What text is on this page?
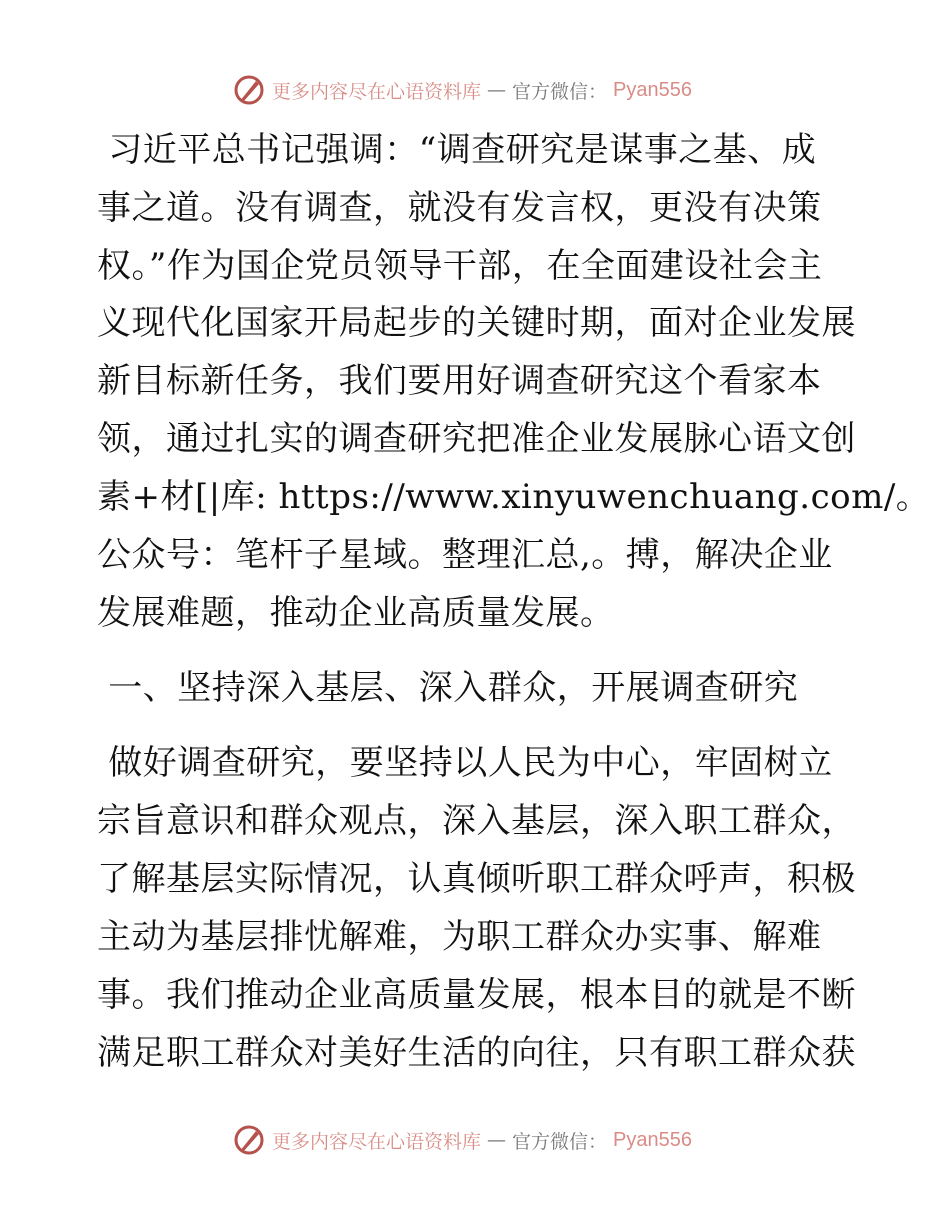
更多内容尽在心语资料库 — 官方微信： Pyan556
习近平总书记强调：“调查研究是谋事之基、成
事之道。没有调查，就没有发言权，更没有决策
权。”作为国企党员领导干部，在全面建设社会主
义现代化国家开局起步的关键时期，面对企业发展
新目标新任务，我们要用好调查研究这个看家本
领，通过扎实的调查研究把准企业发展脉心语文创
素+材[|库: https://www.xinyuwenchuang.com/。
公众号：笔杆子星域。整理汇总,。搏，解决企业
发展难题，推动企业高质量发展。
一、坚持深入基层、深入群众，开展调查研究
做好调查研究，要坚持以人民为中心，牢固树立
宗旨意识和群众观点，深入基层，深入职工群众，
了解基层实际情况，认真倾听职工群众呼声，积极
主动为基层排忧解难，为职工群众办实事、解难
事。我们推动企业高质量发展，根本目的就是不断
满足职工群众对美好生活的向往，只有职工群众获
更多内容尽在心语资料库 — 官方微信： Pyan556
